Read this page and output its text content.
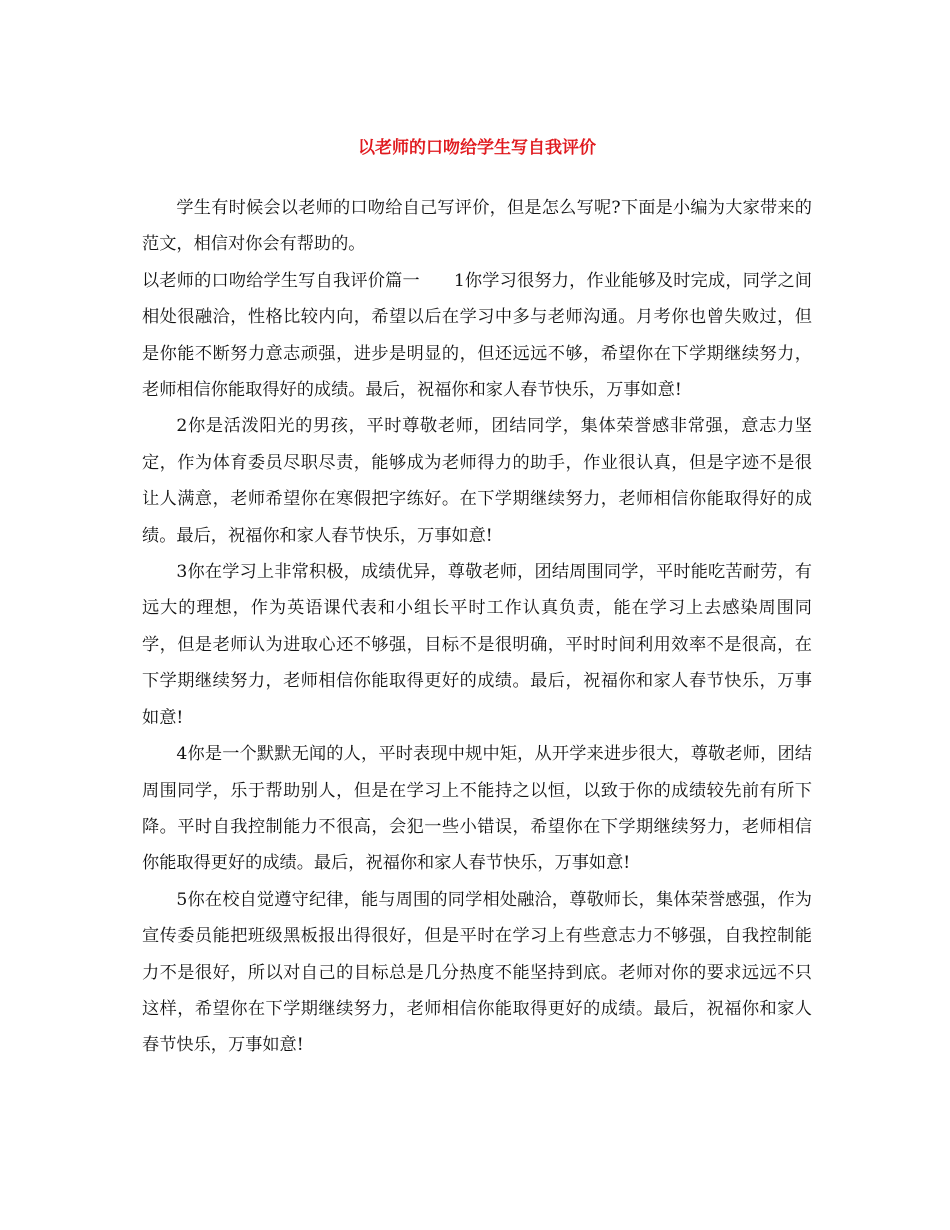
以老师的口吻给学生写自我评价

学生有时候会以老师的口吻给自己写评价，但是怎么写呢?下面是小编为大家带来的范文，相信对你会有帮助的。

以老师的口吻给学生写自我评价篇一 1你学习很努力，作业能够及时完成，同学之间相处很融洽，性格比较内向，希望以后在学习中多与老师沟通。月考你也曾失败过，但是你能不断努力意志顽强，进步是明显的，但还远远不够，希望你在下学期继续努力，老师相信你能取得好的成绩。最后，祝福你和家人春节快乐，万事如意!

2你是活泼阳光的男孩，平时尊敬老师，团结同学，集体荣誉感非常强，意志力坚定，作为体育委员尽职尽责，能够成为老师得力的助手，作业很认真，但是字迹不是很让人满意，老师希望你在寒假把字练好。在下学期继续努力，老师相信你能取得好的成绩。最后，祝福你和家人春节快乐，万事如意!

3你在学习上非常积极，成绩优异，尊敬老师，团结周围同学，平时能吃苦耐劳，有远大的理想，作为英语课代表和小组长平时工作认真负责，能在学习上去感染周围同学，但是老师认为进取心还不够强，目标不是很明确，平时时间利用效率不是很高，在下学期继续努力，老师相信你能取得更好的成绩。最后，祝福你和家人春节快乐，万事如意!

4你是一个默默无闻的人，平时表现中规中矩，从开学来进步很大，尊敬老师，团结周围同学，乐于帮助别人，但是在学习上不能持之以恒，以致于你的成绩较先前有所下降。平时自我控制能力不很高，会犯一些小错误，希望你在下学期继续努力，老师相信你能取得更好的成绩。最后，祝福你和家人春节快乐，万事如意!

5你在校自觉遵守纪律，能与周围的同学相处融洽，尊敬师长，集体荣誉感强，作为宣传委员能把班级黑板报出得很好，但是平时在学习上有些意志力不够强，自我控制能力不是很好，所以对自己的目标总是几分热度不能坚持到底。老师对你的要求远远不只这样，希望你在下学期继续努力，老师相信你能取得更好的成绩。最后，祝福你和家人春节快乐，万事如意!
